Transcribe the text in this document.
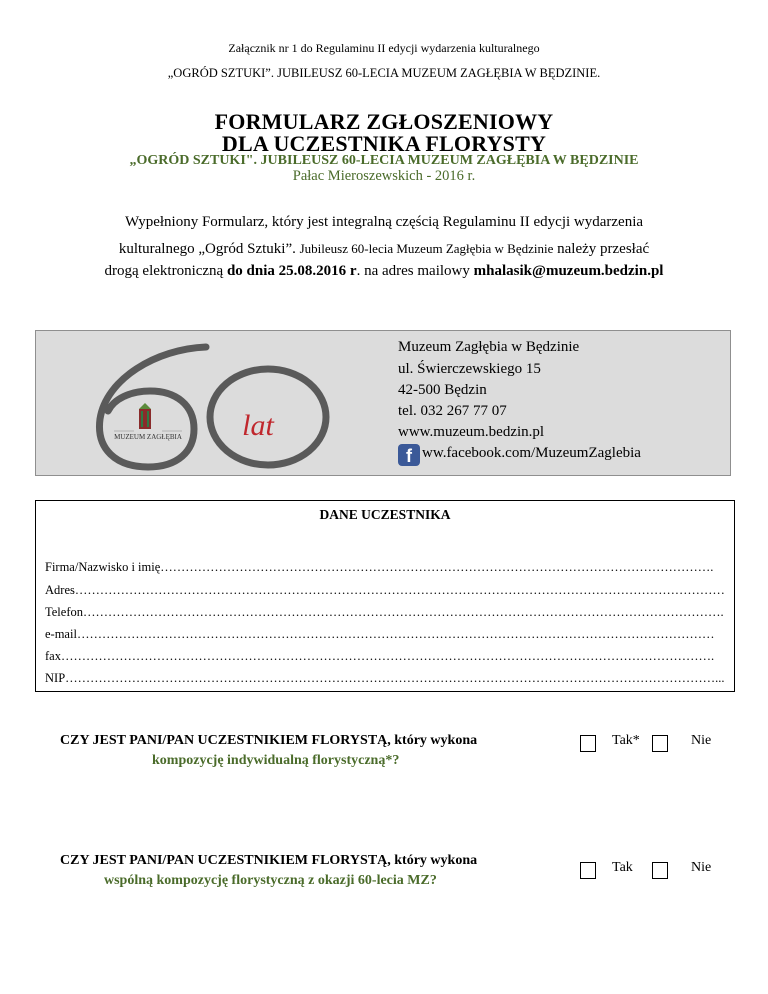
Załącznik nr 1 do Regulaminu II edycji wydarzenia kulturalnego
„OGRÓD SZTUKI”. JUBILEUSZ 60-LECIA MUZEUM ZAGŁĘBIA W BĘDZINIE.
FORMULARZ ZGŁOSZENIOWY
DLA UCZESTNIKA FLORYSTY
„OGRÓD SZTUKI". JUBILEUSZ 60-LECIA MUZEUM ZAGŁĘBIA W BĘDZINIE
Pałac Mieroszewskich - 2016 r.
Wypełniony Formularz, który jest integralną częścią Regulaminu II edycji wydarzenia
kulturalnego „Ogród Sztuki”. Jubileusz 60-lecia Muzeum Zagłębia w Będzinie należy przesłać
drogą elektroniczną do dnia 25.08.2016 r. na adres mailowy mhalasik@muzeum.bedzin.pl
MUZEUM ZAGŁĘBIA lat
Muzeum Zagłębia w Będzinie
ul. Świerczewskiego 15
42-500 Będzin
tel. 032 267 77 07
www.muzeum.bedzin.pl
f ww.facebook.com/MuzeumZaglebia
DANE UCZESTNIKA
Firma/Nazwisko i imię…………………………………………………………………………………………………………………….
Adres…………………………………………………………………………………………………………………………………………
Telefon……………………………………………………………………………………………………………………………………….
e-mail………………………………………………………………………………………………………………………………………
fax………………………………………………………………………………………………………………………………………….
NIP…………………………………………………………………………………………………………………………………………...
CZY JEST PANI/PAN UCZESTNIKIEM FLORYSTĄ, który wykona
kompozycję indywidualną florystyczną*?
Tak*	Nie
CZY JEST PANI/PAN UCZESTNIKIEM FLORYSTĄ, który wykona
wspólną kompozycję florystyczną z okazji 60-lecia MZ?
Tak	Nie
